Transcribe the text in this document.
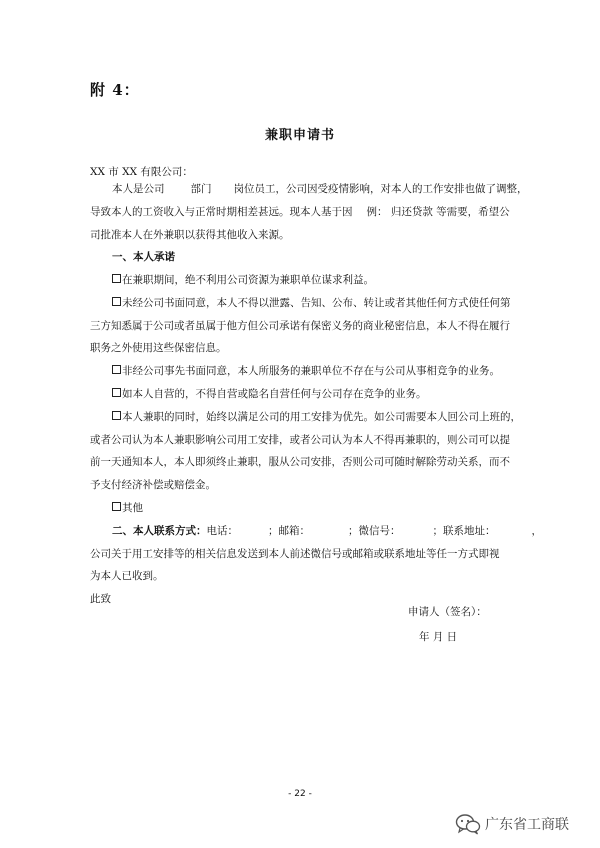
附 4：
兼职申请书
XX 市 XX 有限公司：
本人是公司 部门 岗位员工，公司因受疫情影响，对本人的工作安排也做了调整，
导致本人的工资收入与正常时期相差甚远。现本人基于因 例： 归还贷款 等需要，希望公
司批准本人在外兼职以获得其他收入来源。
一、本人承诺
在兼职期间，绝不利用公司资源为兼职单位谋求利益。
未经公司书面同意，本人不得以泄露、告知、公布、转让或者其他任何方式使任何第
三方知悉属于公司或者虽属于他方但公司承诺有保密义务的商业秘密信息，本人不得在履行
职务之外使用这些保密信息。
非经公司事先书面同意，本人所服务的兼职单位不存在与公司从事相竞争的业务。
如本人自营的，不得自营或隐名自营任何与公司存在竞争的业务。
本人兼职的同时，始终以满足公司的用工安排为优先。如公司需要本人回公司上班的，
或者公司认为本人兼职影响公司用工安排，或者公司认为本人不得再兼职的，则公司可以提
前一天通知本人，本人即须终止兼职，服从公司安排，否则公司可随时解除劳动关系，而不
予支付经济补偿或赔偿金。
其他
二、本人联系方式：电话：	；邮箱：	；微信号：	；联系地址：	，
公司关于用工安排等的相关信息发送到本人前述微信号或邮箱或联系地址等任一方式即视
为本人已收到。
此致
申请人（签名）：
年 月 日
- 22 -
广东省工商联
